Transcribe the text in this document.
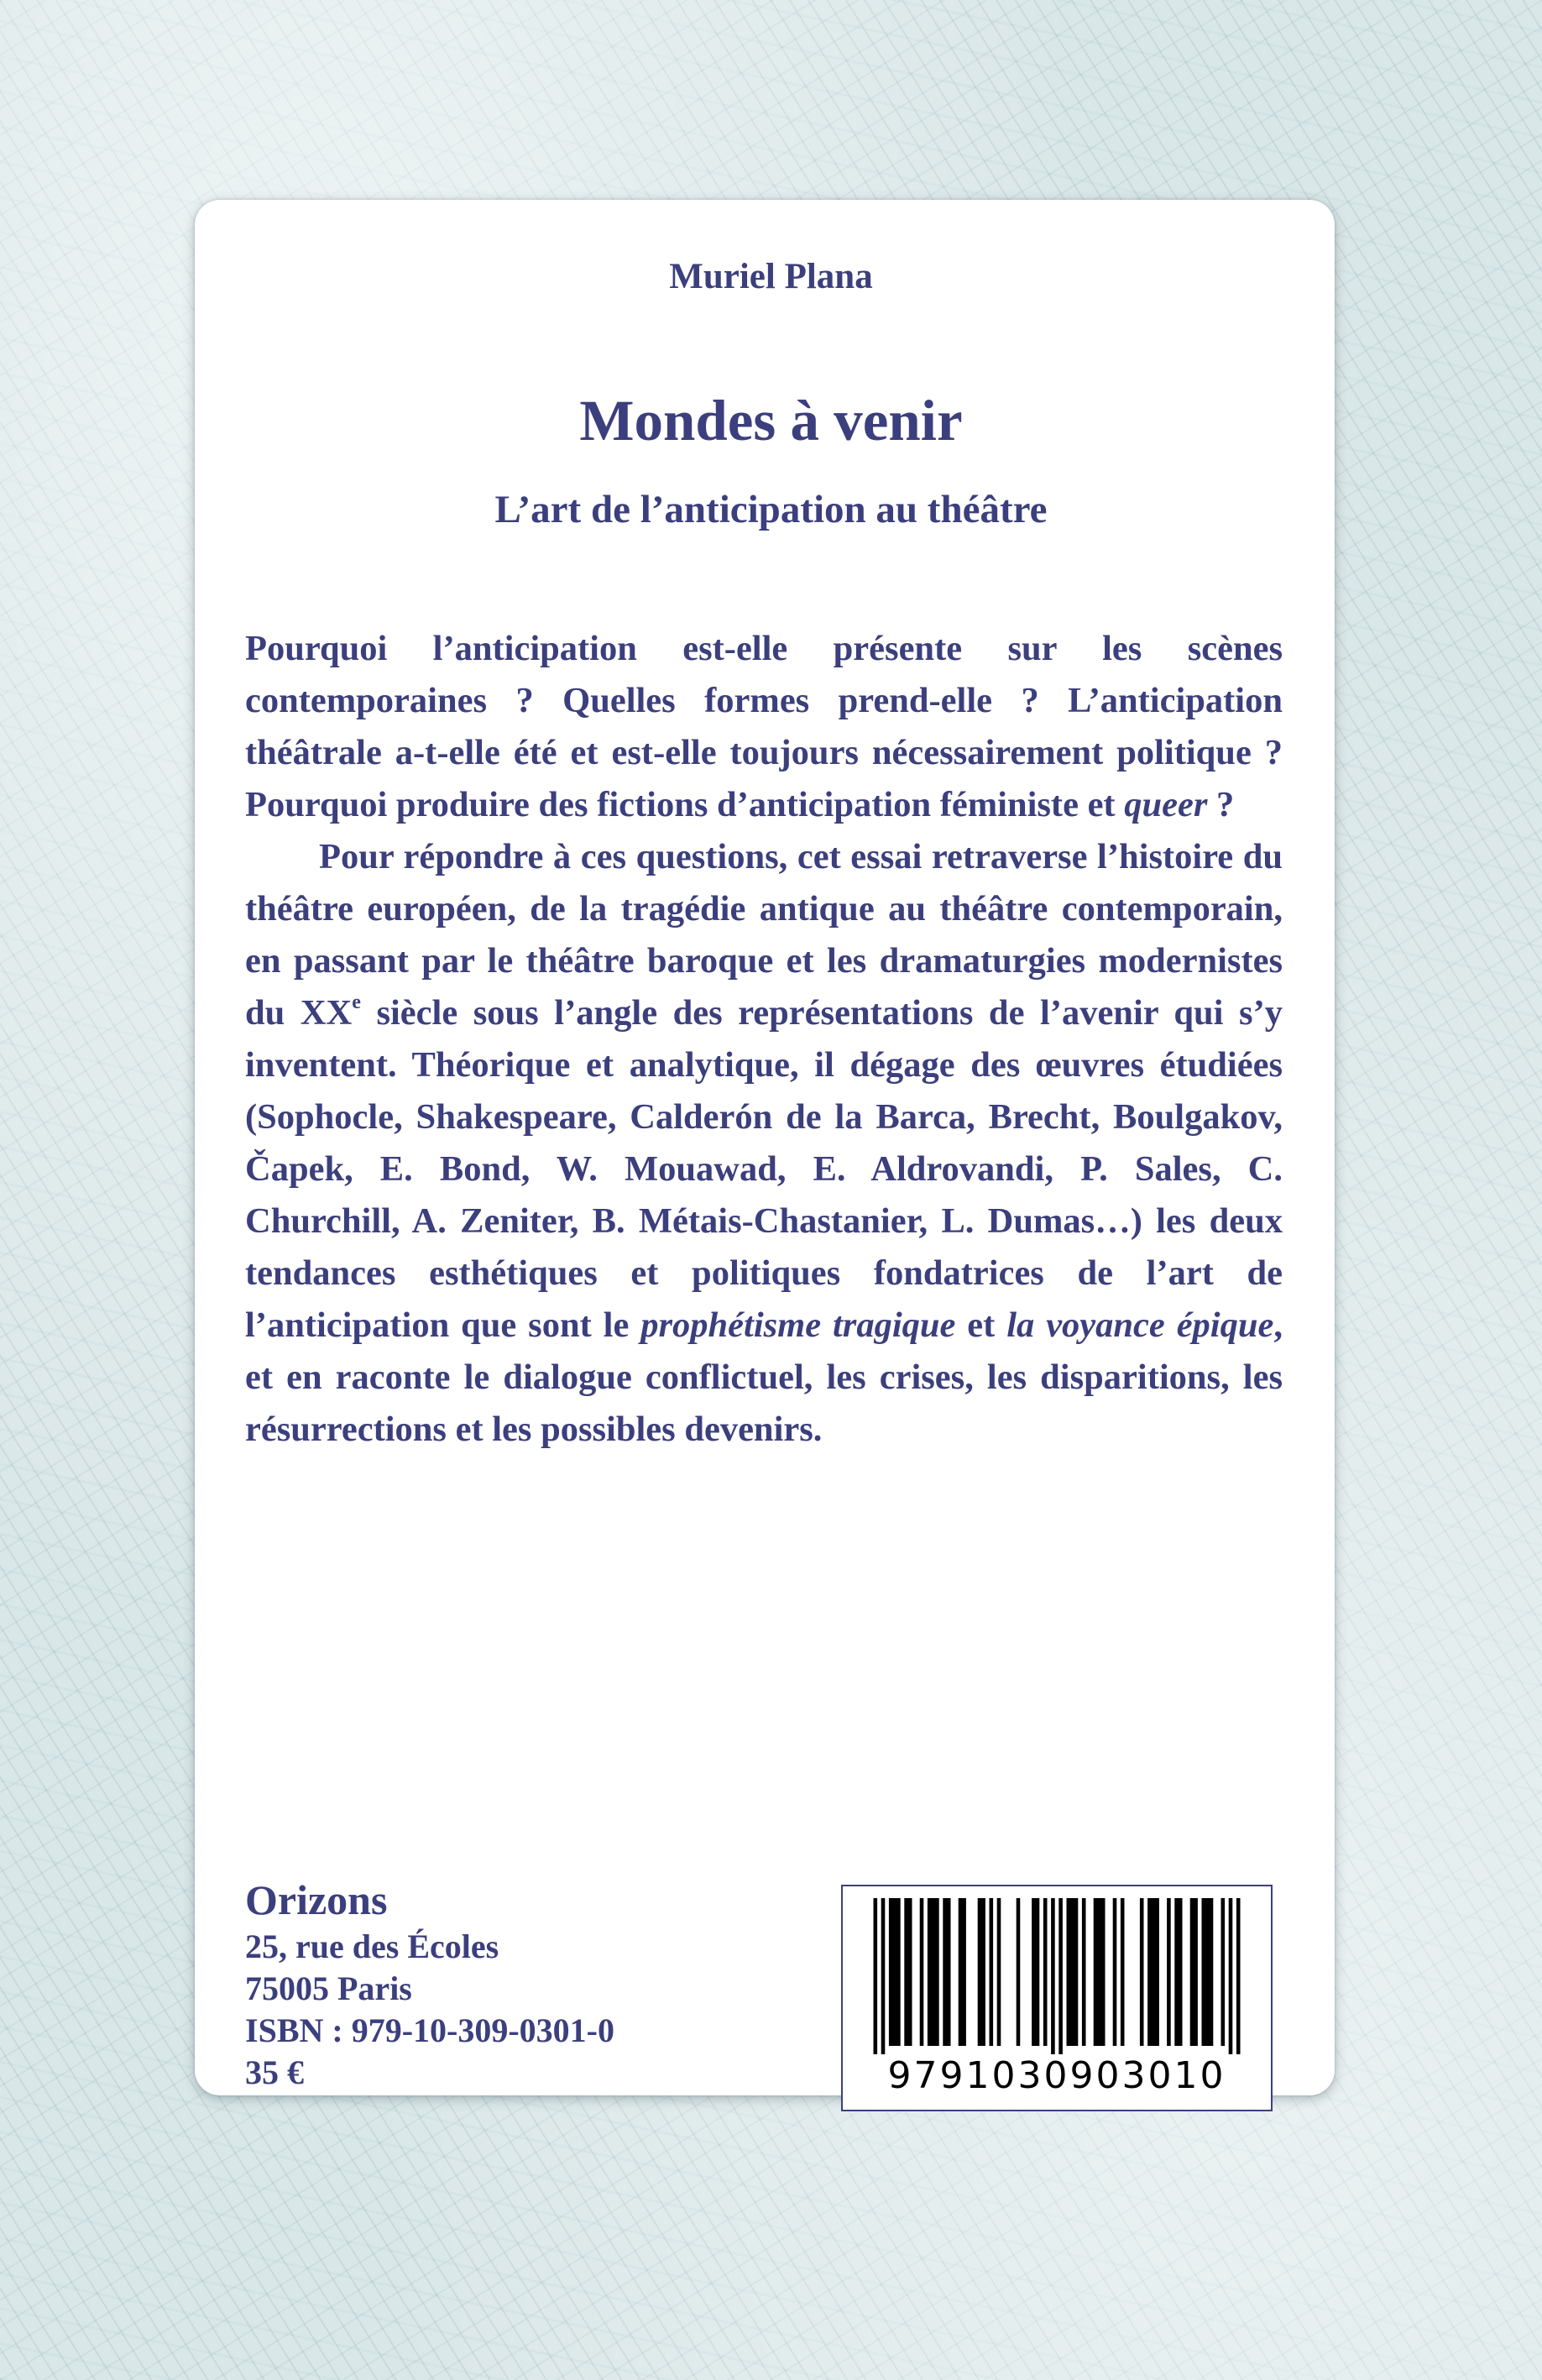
Muriel Plana
Mondes à venir
L’art de l’anticipation au théâtre

Pourquoi l’anticipation est-elle présente sur les scènes contemporaines ? Quelles formes prend-elle ? L’anticipation théâtrale a-t-elle été et est-elle toujours nécessairement politique ? Pourquoi produire des fictions d’anticipation féministe et queer ?

Pour répondre à ces questions, cet essai retraverse l’histoire du théâtre européen, de la tragédie antique au théâtre contemporain, en passant par le théâtre baroque et les dramaturgies modernistes du XXe siècle sous l’angle des représentations de l’avenir qui s’y inventent. Théorique et analytique, il dégage des œuvres étudiées (Sophocle, Shakespeare, Calderón de la Barca, Brecht, Boulgakov, Čapek, E. Bond, W. Mouawad, E. Aldrovandi, P. Sales, C. Churchill, A. Zeniter, B. Métais-Chastanier, L. Dumas…) les deux tendances esthétiques et politiques fondatrices de l’art de l’anticipation que sont le prophétisme tragique et la voyance épique, et en raconte le dialogue conflictuel, les crises, les disparitions, les résurrections et les possibles devenirs.

Orizons
25, rue des Écoles
75005 Paris
ISBN : 979-10-309-0301-0
35 €	9791030903010
